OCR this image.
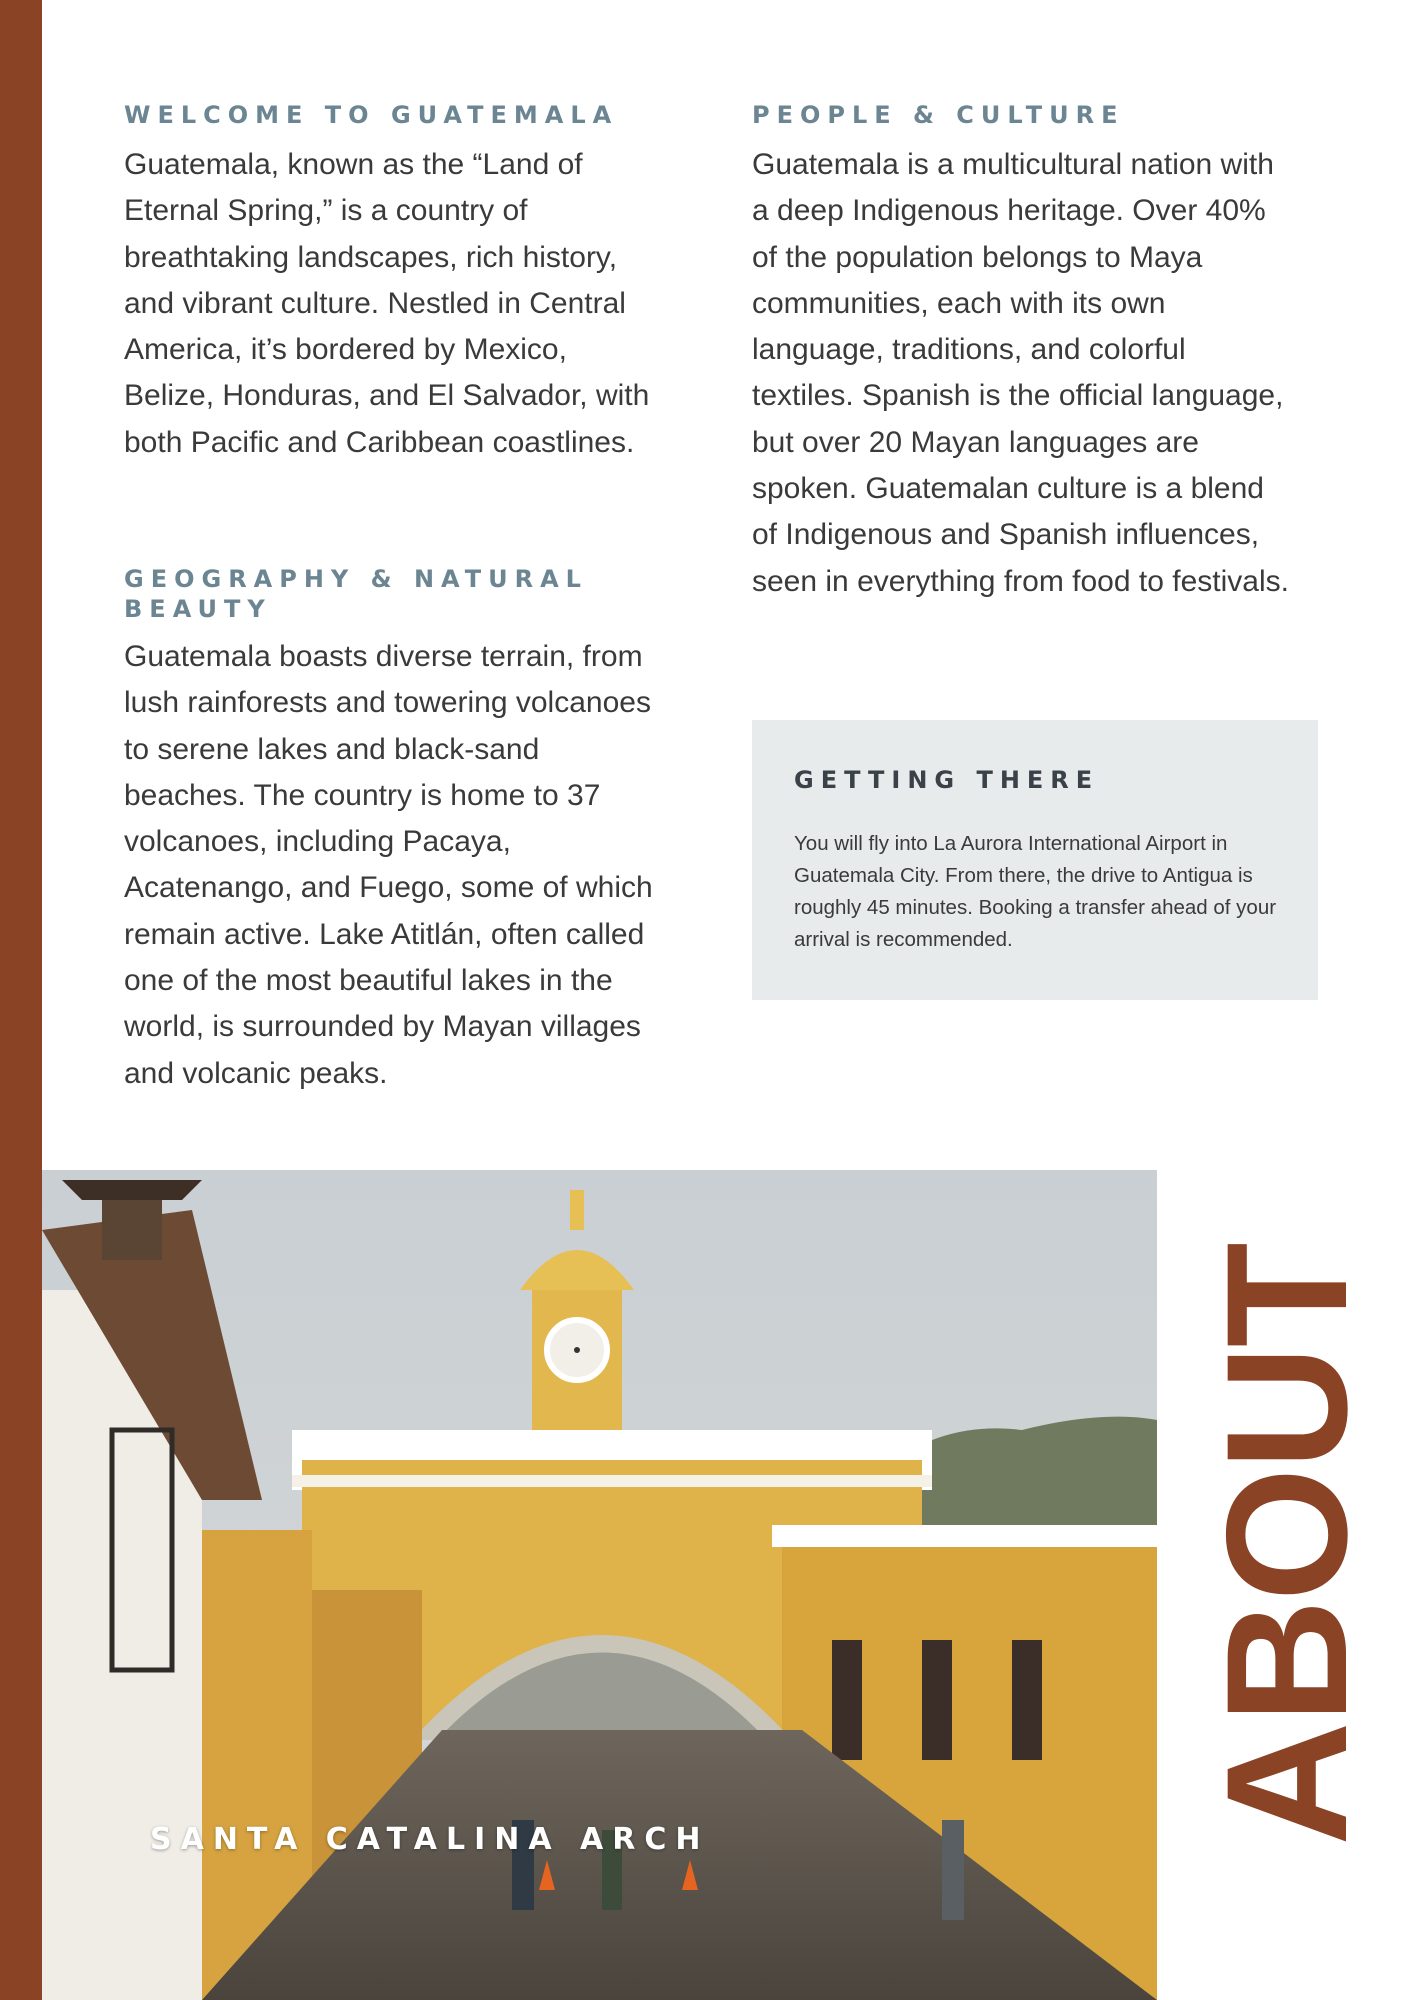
WELCOME TO GUATEMALA

Guatemala, known as the “Land of Eternal Spring,” is a country of breathtaking landscapes, rich history, and vibrant culture. Nestled in Central America, it’s bordered by Mexico, Belize, Honduras, and El Salvador, with both Pacific and Caribbean coastlines.

GEOGRAPHY & NATURAL BEAUTY

Guatemala boasts diverse terrain, from lush rainforests and towering volcanoes to serene lakes and black-sand beaches. The country is home to 37 volcanoes, including Pacaya, Acatenango, and Fuego, some of which remain active. Lake Atitlán, often called one of the most beautiful lakes in the world, is surrounded by Mayan villages and volcanic peaks.

PEOPLE & CULTURE

Guatemala is a multicultural nation with a deep Indigenous heritage. Over 40% of the population belongs to Maya communities, each with its own language, traditions, and colorful textiles. Spanish is the official language, but over 20 Mayan languages are spoken. Guatemalan culture is a blend of Indigenous and Spanish influences, seen in everything from food to festivals.

GETTING THERE

You will fly into La Aurora International Airport in Guatemala City. From there, the drive to Antigua is roughly 45 minutes. Booking a transfer ahead of your arrival is recommended.

SANTA CATALINA ARCH	ABOUT
